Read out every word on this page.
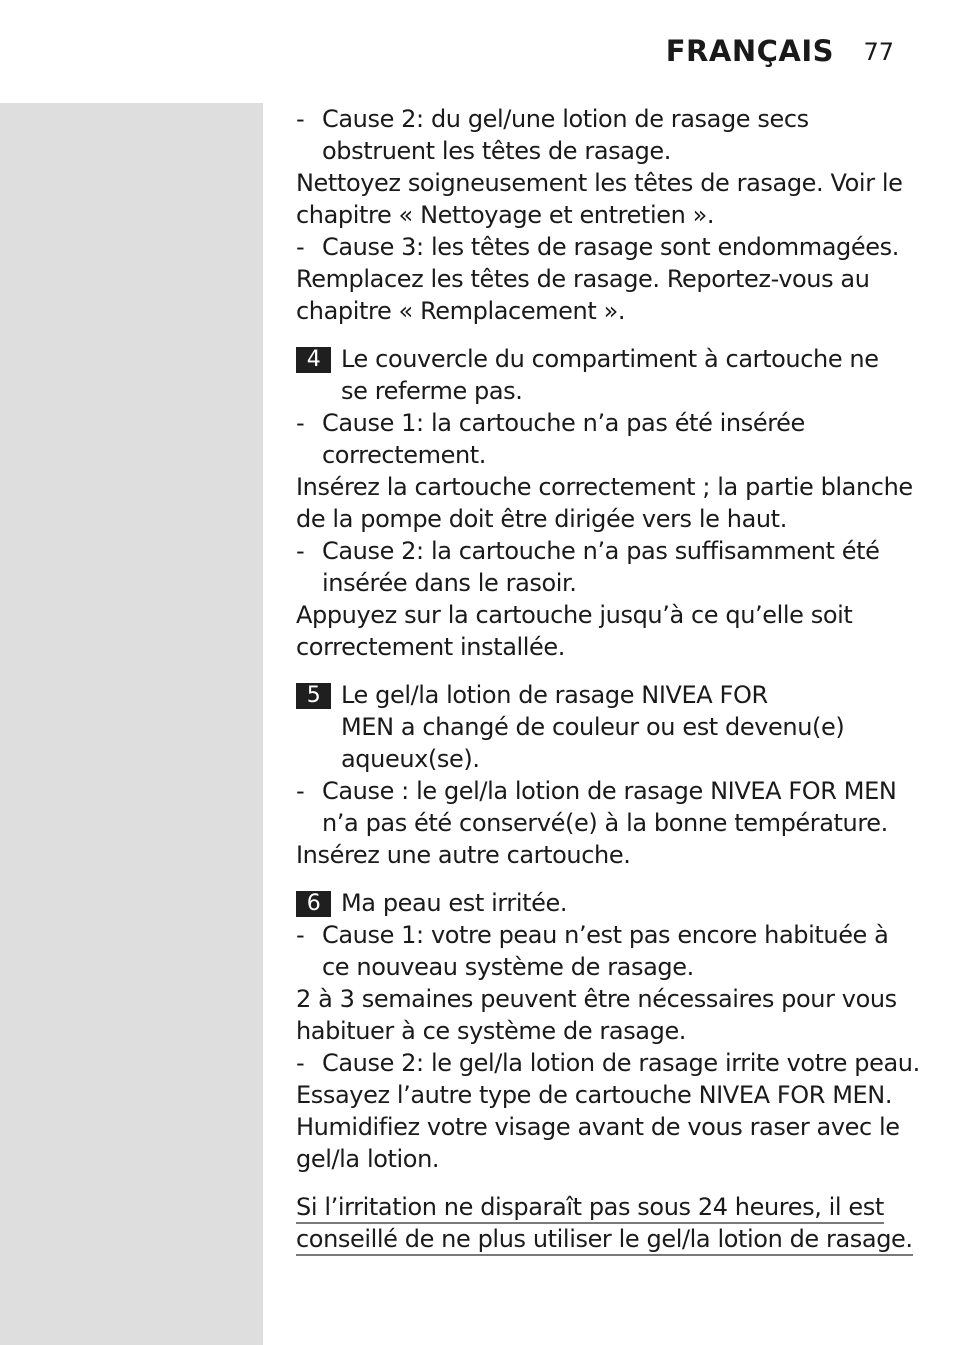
FRANÇAIS 77
- Cause 2: du gel/une lotion de rasage secs
obstruent les têtes de rasage.
Nettoyez soigneusement les têtes de rasage. Voir le
chapitre « Nettoyage et entretien ».
- Cause 3: les têtes de rasage sont endommagées.
Remplacez les têtes de rasage. Reportez-vous au
chapitre « Remplacement ».
4 Le couvercle du compartiment à cartouche ne
se referme pas.
- Cause 1: la cartouche n’a pas été insérée
correctement.
Insérez la cartouche correctement ; la partie blanche
de la pompe doit être dirigée vers le haut.
- Cause 2: la cartouche n’a pas suffisamment été
insérée dans le rasoir.
Appuyez sur la cartouche jusqu’à ce qu’elle soit
correctement installée.
5 Le gel/la lotion de rasage NIVEA FOR
MEN a changé de couleur ou est devenu(e)
aqueux(se).
- Cause : le gel/la lotion de rasage NIVEA FOR MEN
n’a pas été conservé(e) à la bonne température.
Insérez une autre cartouche.
6 Ma peau est irritée.
- Cause 1: votre peau n’est pas encore habituée à
ce nouveau système de rasage.
2 à 3 semaines peuvent être nécessaires pour vous
habituer à ce système de rasage.
- Cause 2: le gel/la lotion de rasage irrite votre peau.
Essayez l’autre type de cartouche NIVEA FOR MEN.
Humidifiez votre visage avant de vous raser avec le
gel/la lotion.
Si l’irritation ne disparaît pas sous 24 heures, il est
conseillé de ne plus utiliser le gel/la lotion de rasage.
